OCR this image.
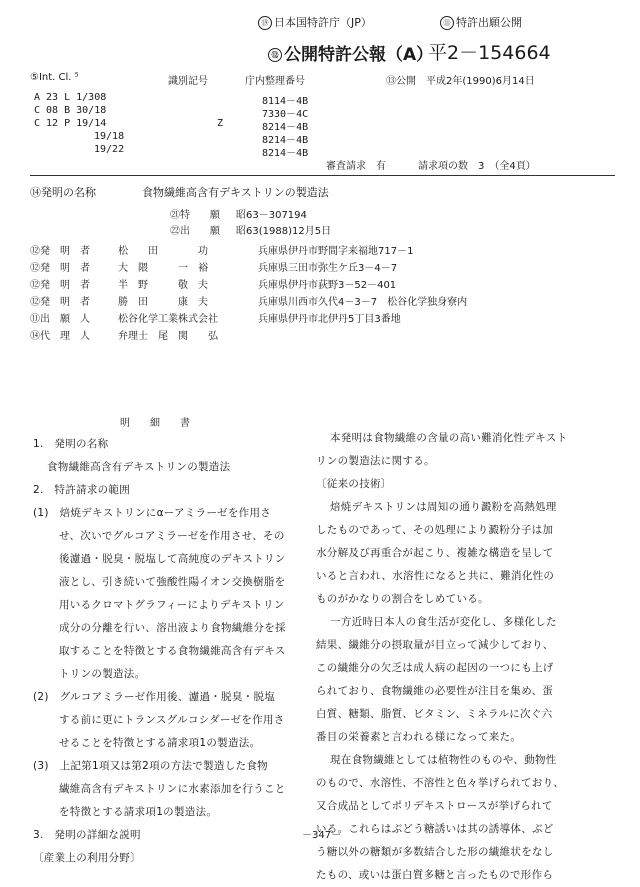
⑲ 日本国特許庁（JP）	⑪ 特許出願公開
⑫ 公開特許公報（A）
平2－154664
⑤Int. Cl. ⁵	識別記号	庁内整理番号	⑬公開　平成2年(1990)6月14日
A 23 L 1/308	8114－4B
C 08 B 30/18	7330－4C
C 12 P 19/14	Z	8214－4B
19/18	8214－4B
19/22	8214－4B
審査請求　有	請求項の数　3　（全4頁）
⑭発明の名称	食物繊維高含有デキストリンの製造法
㉑特　　願 昭63－307194
㉒出　　願 昭63(1988)12月5日
⑫発　明　者	松　　田　　　　功	兵庫県伊丹市野間字来福地717－1
⑫発　明　者	大　隈　　　一　裕	兵庫県三田市弥生ケ丘3－4－7
⑫発　明　者	半　野　　　敬　夫	兵庫県伊丹市荻野3－52－401
⑫発　明　者	勝　田　　　康　夫	兵庫県川西市久代4－3－7　松谷化学独身寮内
⑪出　願　人	松谷化学工業株式会社	兵庫県伊丹市北伊丹5丁目3番地
⑭代　理　人	弁理士　尾　関　　弘
明　　細　　書
1.　発明の名称
食物繊維高含有デキストリンの製造法
2.　特許請求の範囲
(1)　焙焼デキストリンにαーアミラーゼを作用さ
せ、次いでグルコアミラーゼを作用させ、その
後濾過・脱臭・脱塩して高純度のデキストリン
液とし、引き続いて強酸性陽イオン交換樹脂を
用いるクロマトグラフィーによりデキストリン
成分の分離を行い、溶出液より食物繊維分を採
取することを特徴とする食物繊維高含有デキス
トリンの製造法。
(2)　グルコアミラーゼ作用後、濾過・脱臭・脱塩
する前に更にトランスグルコシダーゼを作用さ
せることを特徴とする請求項1の製造法。
(3)　上記第1項又は第2項の方法で製造した食物
繊維高含有デキストリンに水素添加を行うこと
を特徴とする請求項1の製造法。
3.　発明の詳細な説明
〔産業上の利用分野〕
本発明は食物繊維の含量の高い難消化性デキスト
リンの製造法に関する。
〔従来の技術〕
焙焼デキストリンは周知の通り澱粉を高熱処理
したものであって、その処理により澱粉分子は加
水分解及び再重合が起こり、複雑な構造を呈して
いると言われ、水溶性になると共に、難消化性の
ものがかなりの割合をしめている。
一方近時日本人の食生活が変化し、多様化した
結果、繊維分の摂取量が目立って減少しており、
この繊維分の欠乏は成人病の起因の一つにも上げ
られており、食物繊維の必要性が注目を集め、蛋
白質、糖類、脂質、ビタミン、ミネラルに次ぐ六
番目の栄養素と言われる様になって来た。
現在食物繊維としては植物性のものや、動物性
のもので、水溶性、不溶性と色々挙げられており、
又合成品としてポリデキストロースが挙げられて
いる。これらはぶどう糖誘いは其の誘導体、ぶど
う糖以外の糖類が多数結合した形の繊維状をなし
たもの、或いは蛋白質多糖と言ったもので形作ら
－347－
